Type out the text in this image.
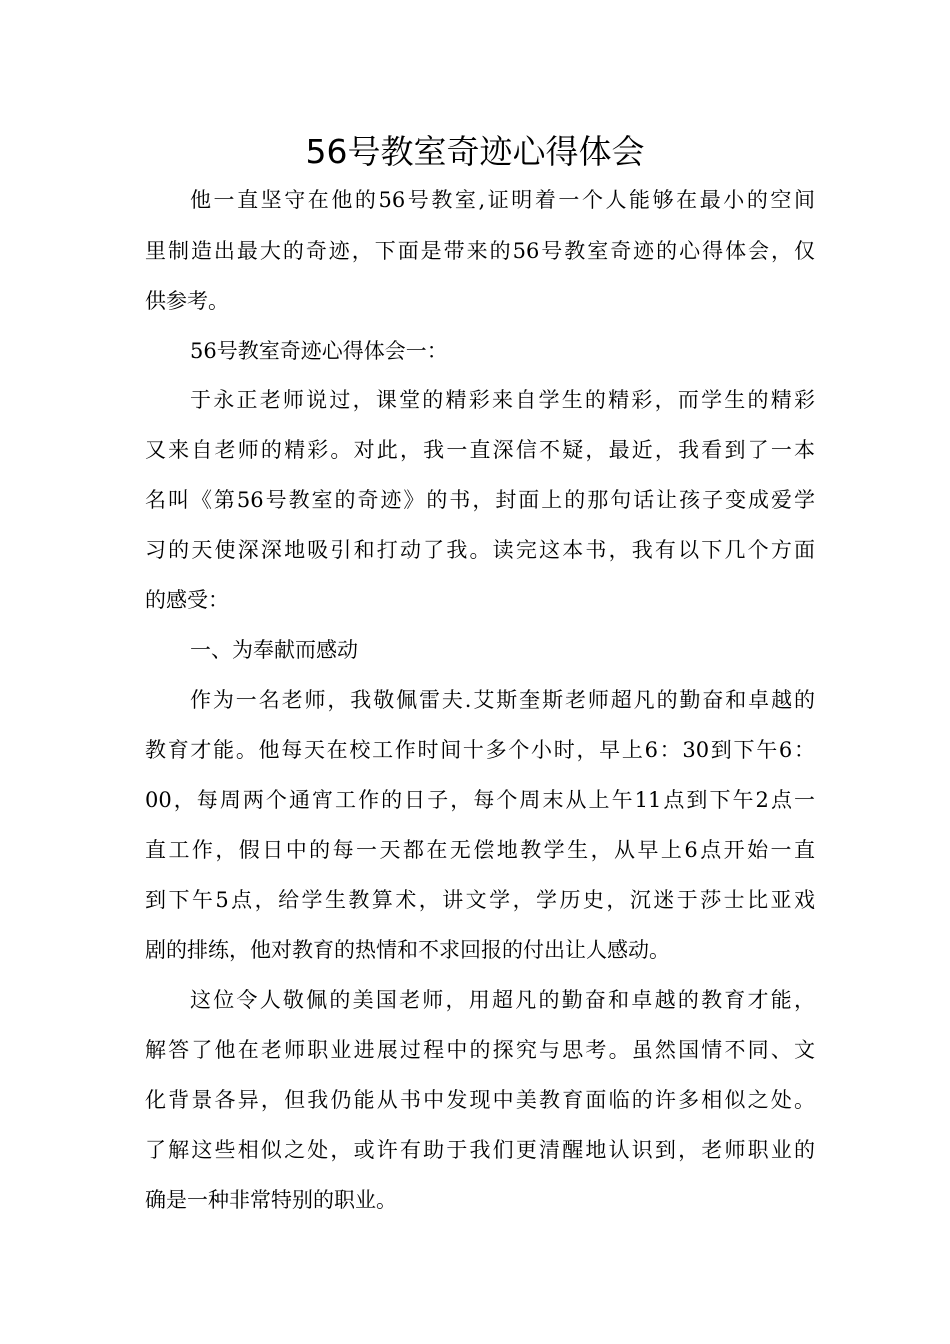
56号教室奇迹心得体会
他一直坚守在他的56号教室,证明着一个人能够在最小的空间
里制造出最大的奇迹，下面是带来的56号教室奇迹的心得体会，仅
供参考。
56号教室奇迹心得体会一：
于永正老师说过，课堂的精彩来自学生的精彩，而学生的精彩
又来自老师的精彩。对此，我一直深信不疑，最近，我看到了一本
名叫《第56号教室的奇迹》的书，封面上的那句话让孩子变成爱学
习的天使深深地吸引和打动了我。读完这本书，我有以下几个方面
的感受：
一、为奉献而感动
作为一名老师，我敬佩雷夫.艾斯奎斯老师超凡的勤奋和卓越的
教育才能。他每天在校工作时间十多个小时，早上6：30到下午6：
00，每周两个通宵工作的日子，每个周末从上午11点到下午2点一
直工作，假日中的每一天都在无偿地教学生，从早上6点开始一直
到下午5点，给学生教算术，讲文学，学历史，沉迷于莎士比亚戏
剧的排练，他对教育的热情和不求回报的付出让人感动。
这位令人敬佩的美国老师，用超凡的勤奋和卓越的教育才能，
解答了他在老师职业进展过程中的探究与思考。虽然国情不同、文
化背景各异，但我仍能从书中发现中美教育面临的许多相似之处。
了解这些相似之处，或许有助于我们更清醒地认识到，老师职业的
确是一种非常特别的职业。
